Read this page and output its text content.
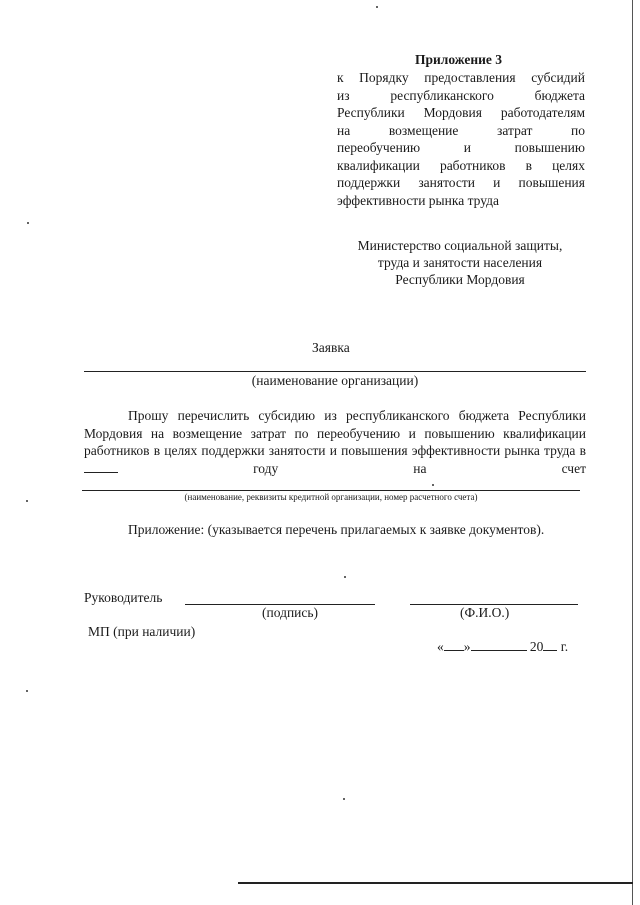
Приложение 3
к Порядку предоставления субсидий
из республиканского бюджета
Республики Мордовия работодателям
на возмещение затрат по
переобучению и повышению
квалификации работников в целях
поддержки занятости и повышения
эффективности рынка труда
Министерство социальной защиты,
труда и занятости населения
Республики Мордовия
Заявка
(наименование организации)

Прошу перечислить субсидию из республиканского бюджета Республики Мордовия на возмещение затрат по переобучению и повышению квалификации работников в целях поддержки занятости и повышения эффективности рынка труда в  году на счет

(наименование, реквизиты кредитной организации, номер расчетного счета)
Приложение: (указывается перечень прилагаемых к заявке документов).
Руководитель
(подпись)	(Ф.И.О.)
МП (при наличии)
« »	20 г.
